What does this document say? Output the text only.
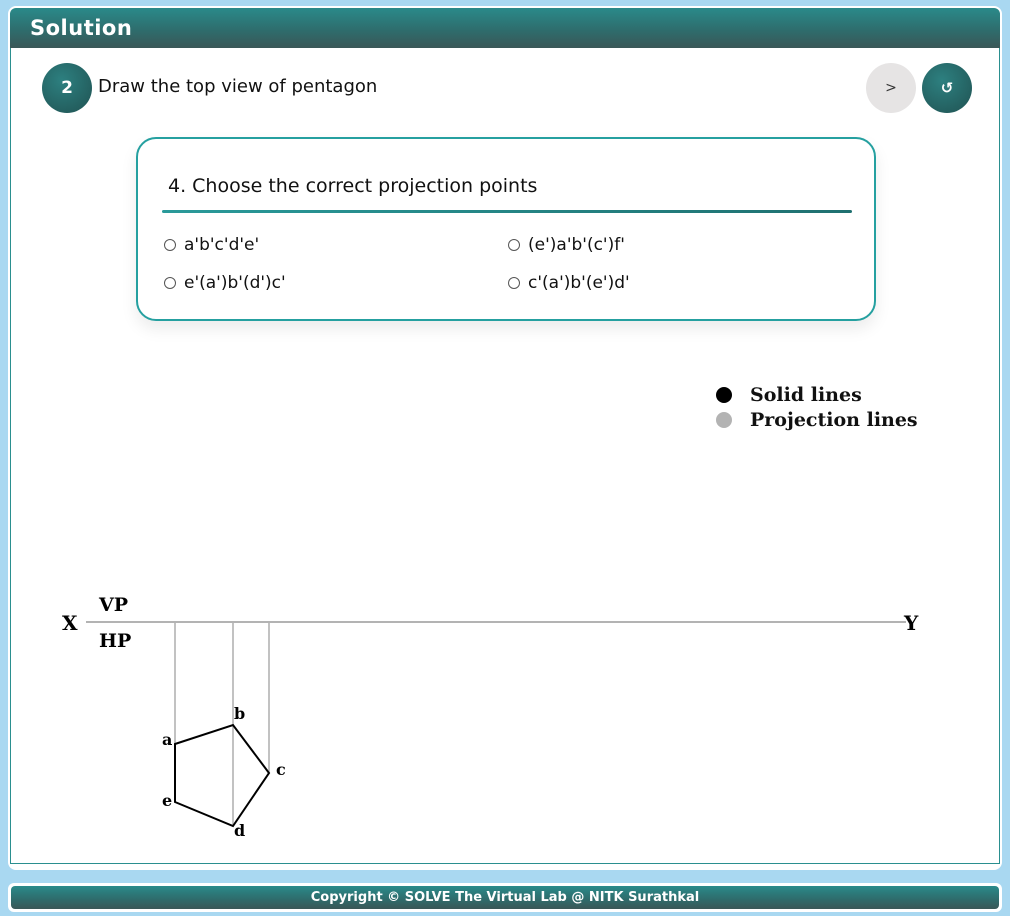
Solution
2	Draw the top view of pentagon	>	↺
4. Choose the correct projection points
a'b'c'd'e'	(e')a'b'(c')f'
e'(a')b'(d')c'	c'(a')b'(e')d'
Solid lines
Projection lines
X	Y
VP
HP
a
b
c
d
e
Copyright © SOLVE The Virtual Lab @ NITK Surathkal
